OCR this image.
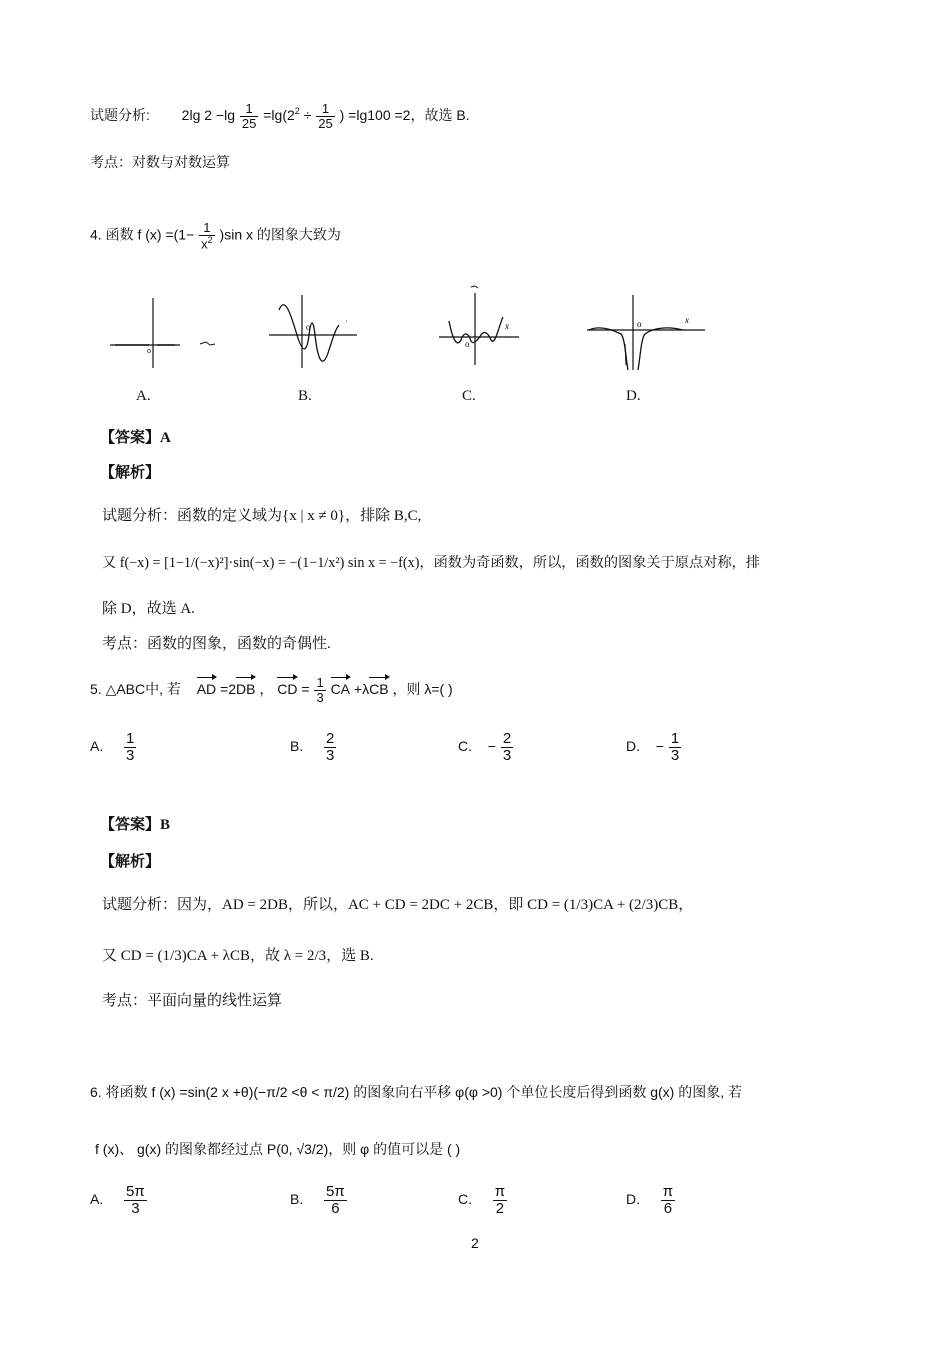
试题分析: 2lg $2 -\lg \frac{1}{25} =\lg(2^2 \div \frac{1}{25}$ ) =lg100 =2，故选 B.
考点：对数与对数运算
4. 函数 f $(x) =(1- \frac{1}{x^2} )\sin$ x 的图象大致为
o
o
·	x
o
o	x
A.	B.	C.	D.
【答案】A
【解析】
试题分析：函数的定义域为{x | x ≠ 0}，排除 B,C,
又 f(−x) = [1−1/(−x)²]·sin(−x) = −(1−1/x²) sin x = −f(x)，函数为奇函数，所以，函数的图象关于原点对称，排
除 D，故选 A.
考点：函数的图象，函数的奇偶性.
5. △ABC中, 若 AD =2DB ， CD = $\frac{1}{3}$ CA +λCB ，则 λ=( )
A. $\frac{1}{3}$	B. $\frac{2}{3}$	C. − $\frac{2}{3}$	D. − $\frac{1}{3}$
【答案】B
【解析】
试题分析：因为，AD = 2DB，所以，AC + CD = 2DC + 2CB，即 CD = (1/3)CA + (2/3)CB，
又 CD = (1/3)CA + λCB，故 λ = 2/3，选 B.
考点：平面向量的线性运算
6. 将函数 f (x) =sin(2 x +θ)(−π/2 <θ < π/2) 的图象向右平移 φ(φ >0) 个单位长度后得到函数 g(x) 的图象, 若
f (x)、 g(x) 的图象都经过点 P(0, √3/2)，则 φ 的值可以是 ( )
A. $\frac{5\pi}{3}$	B. $\frac{5\pi}{6}$	C. $\frac{\pi}{2}$	D. $\frac{\pi}{6}$
2
